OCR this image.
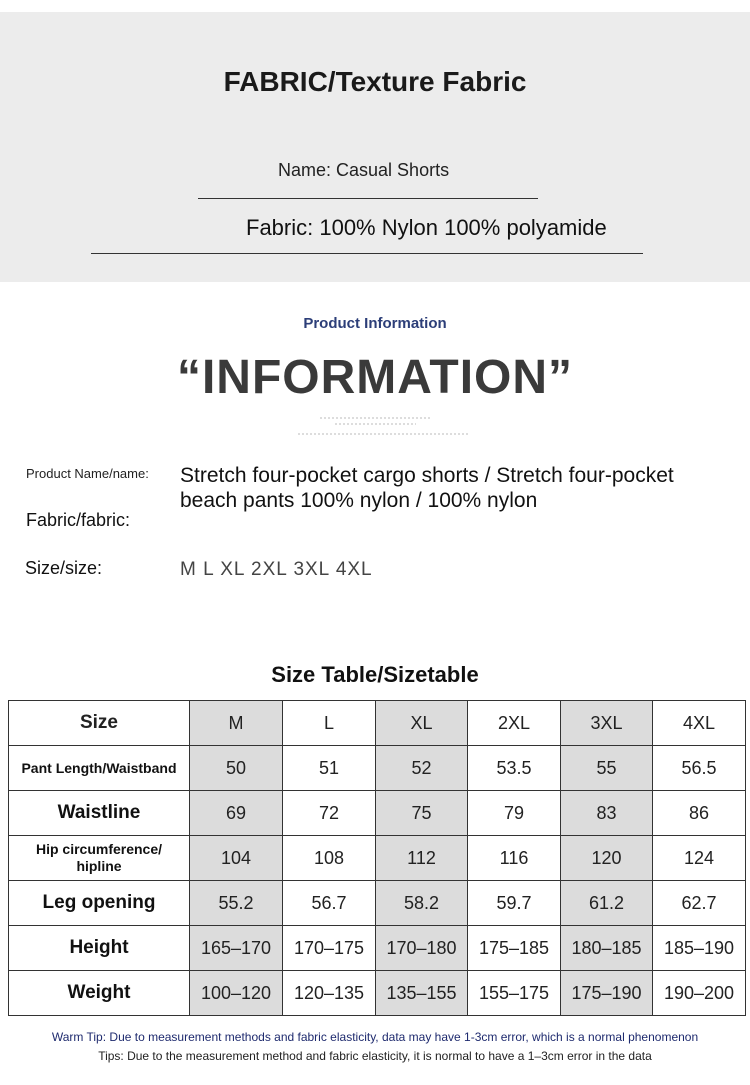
FABRIC/Texture Fabric
Name: Casual Shorts
Fabric: 100% Nylon 100% polyamide
Product Information
“INFORMATION”
Product Name/name: Stretch four-pocket cargo shorts / Stretch four-pocket beach pants 100% nylon / 100% nylon
Fabric/fabric:
Size/size:	M L XL 2XL 3XL 4XL
Size Table/Sizetable
Size	M	L	XL	2XL	3XL	4XL
Pant Length/Waistband	50	51	52	53.5	55	56.5
Waistline	69	72	75	79	83	86
Hip circumference/ hipline	104	108	112	116	120	124
Leg opening	55.2	56.7	58.2	59.7	61.2	62.7
Height	165–170	170–175	170–180	175–185	180–185	185–190
Weight	100–120	120–135	135–155	155–175	175–190	190–200
Warm Tip: Due to measurement methods and fabric elasticity, data may have 1-3cm error, which is a normal phenomenon
Tips: Due to the measurement method and fabric elasticity, it is normal to have a 1–3cm error in the data
